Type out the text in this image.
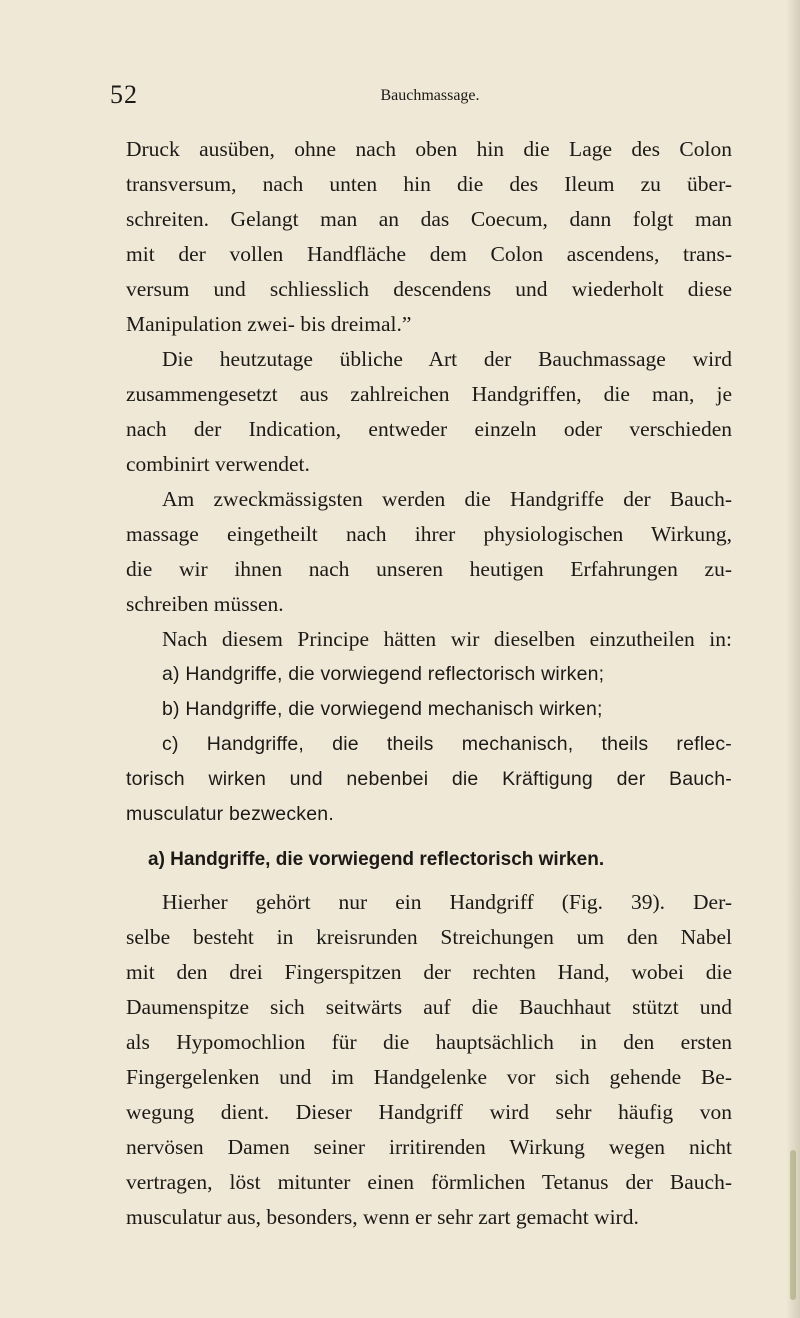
52	Bauchmassage.
Druck ausüben, ohne nach oben hin die Lage des Colon
transversum, nach unten hin die des Ileum zu über-
schreiten. Gelangt man an das Coecum, dann folgt man
mit der vollen Handfläche dem Colon ascendens, trans-
versum und schliesslich descendens und wiederholt diese
Manipulation zwei- bis dreimal.”
Die heutzutage übliche Art der Bauchmassage wird
zusammengesetzt aus zahlreichen Handgriffen, die man, je
nach der Indication, entweder einzeln oder verschieden
combinirt verwendet.
Am zweckmässigsten werden die Handgriffe der Bauch-
massage eingetheilt nach ihrer physiologischen Wirkung,
die wir ihnen nach unseren heutigen Erfahrungen zu-
schreiben müssen.
Nach diesem Principe hätten wir dieselben einzutheilen in:
a) Handgriffe, die vorwiegend reflectorisch wirken;
b) Handgriffe, die vorwiegend mechanisch wirken;
c) Handgriffe, die theils mechanisch, theils reflec-
torisch wirken und nebenbei die Kräftigung der Bauch-
musculatur bezwecken.
a) Handgriffe, die vorwiegend reflectorisch wirken.
Hierher gehört nur ein Handgriff (Fig. 39). Der-
selbe besteht in kreisrunden Streichungen um den Nabel
mit den drei Fingerspitzen der rechten Hand, wobei die
Daumenspitze sich seitwärts auf die Bauchhaut stützt und
als Hypomochlion für die hauptsächlich in den ersten
Fingergelenken und im Handgelenke vor sich gehende Be-
wegung dient. Dieser Handgriff wird sehr häufig von
nervösen Damen seiner irritirenden Wirkung wegen nicht
vertragen, löst mitunter einen förmlichen Tetanus der Bauch-
musculatur aus, besonders, wenn er sehr zart gemacht wird.
